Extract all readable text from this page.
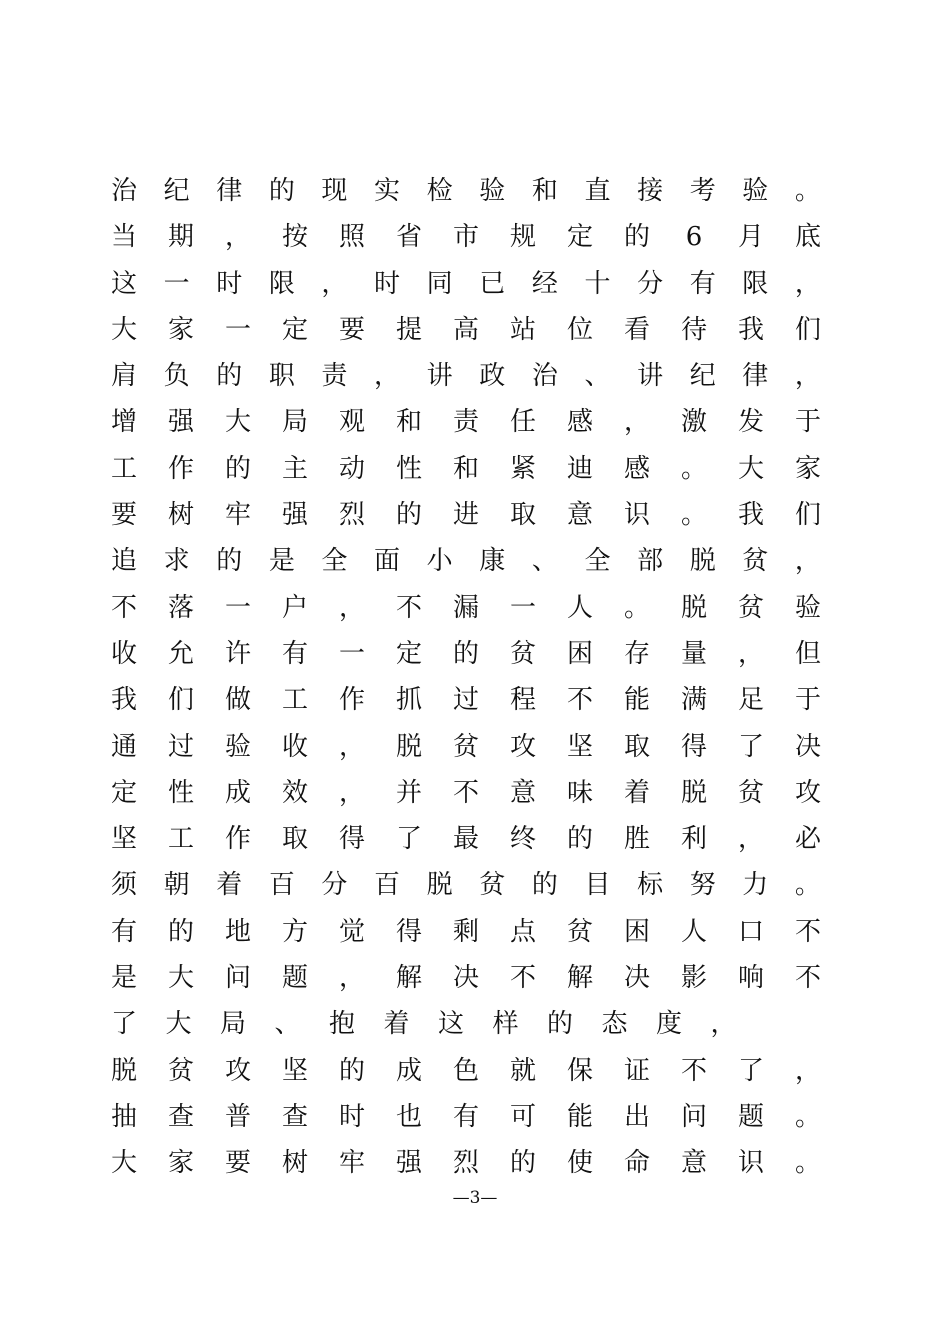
治 纪 律 的 现 实 检 验 和 直 接 考 验 。
当 期 ， 按 照 省 市 规 定 的 6 月 底
这 一 时 限 ， 时 同 已 经 十 分 有 限 ，
大 家 一 定 要 提 高 站 位 看 待 我 们
肩 负 的 职 责 ， 讲 政 治 、 讲 纪 律 ，
增 强 大 局 观 和 责 任 感 ， 激 发 于
工 作 的 主 动 性 和 紧 迪 感 。 大 家
要 树 牢 强 烈 的 进 取 意 识 。 我 们
追 求 的 是 全 面 小 康 、 全 部 脱 贫 ，
不 落 一 户 ， 不 漏 一 人 。 脱 贫 验
收 允 许 有 一 定 的 贫 困 存 量 ， 但
我 们 做 工 作 抓 过 程 不 能 满 足 于
通 过 验 收 ， 脱 贫 攻 坚 取 得 了 决
定 性 成 效 ， 并 不 意 味 着 脱 贫 攻
坚 工 作 取 得 了 最 终 的 胜 利 ， 必
须 朝 着 百 分 百 脱 贫 的 目 标 努 力 。
有 的 地 方 觉 得 剩 点 贫 困 人 口 不
是 大 问 题 ， 解 决 不 解 决 影 响 不
了 大 局 、 抱 着 这 样 的 态 度 ，
脱 贫 攻 坚 的 成 色 就 保 证 不 了 ，
抽 查 普 查 时 也 有 可 能 出 问 题 。
大 家 要 树 牢 强 烈 的 使 命 意 识 。
—3—
